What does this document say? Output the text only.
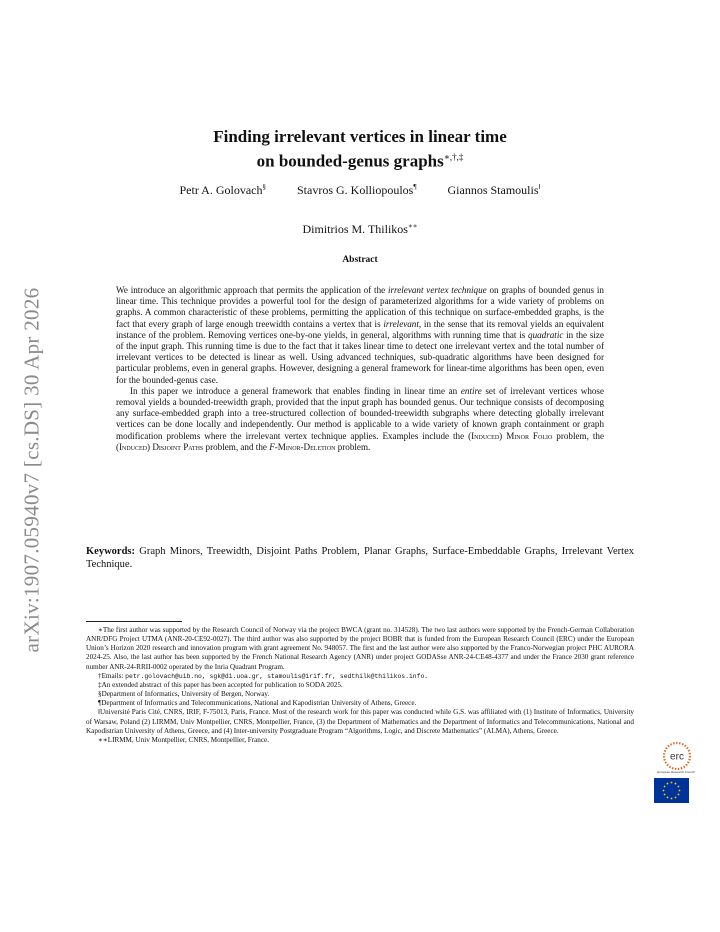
arXiv:1907.05940v7 [cs.DS] 30 Apr 2026
Finding irrelevant vertices in linear time
on bounded-genus graphs∗,†,‡
Petr A. Golovach§	Stavros G. Kolliopoulos¶	Giannos Stamoulis‖
Dimitrios M. Thilikos∗∗
Abstract

We introduce an algorithmic approach that permits the application of the irrelevant vertex technique on graphs of bounded genus in linear time. This technique provides a powerful tool for the design of parameterized algorithms for a wide variety of problems on graphs. A common characteristic of these problems, permitting the application of this technique on surface-embedded graphs, is the fact that every graph of large enough treewidth contains a vertex that is irrelevant, in the sense that its removal yields an equivalent instance of the problem. Removing vertices one-by-one yields, in general, algorithms with running time that is quadratic in the size of the input graph. This running time is due to the fact that it takes linear time to detect one irrelevant vertex and the total number of irrelevant vertices to be detected is linear as well. Using advanced techniques, sub-quadratic algorithms have been designed for particular problems, even in general graphs. However, designing a general framework for linear-time algorithms has been open, even for the bounded-genus case.

In this paper we introduce a general framework that enables finding in linear time an entire set of irrelevant vertices whose removal yields a bounded-treewidth graph, provided that the input graph has bounded genus. Our technique consists of decomposing any surface-embedded graph into a tree-structured collection of bounded-treewidth subgraphs where detecting globally irrelevant vertices can be done locally and independently. Our method is applicable to a wide variety of known graph containment or graph modification problems where the irrelevant vertex technique applies. Examples include the (Induced) Minor Folio problem, the (Induced) Disjoint Paths problem, and the F-Minor-Deletion problem.

Keywords: Graph Minors, Treewidth, Disjoint Paths Problem, Planar Graphs, Surface-Embeddable Graphs, Irrelevant Vertex Technique.

∗The first author was supported by the Research Council of Norway via the project BWCA (grant no. 314528). The two last authors were supported by the French-German Collaboration ANR/DFG Project UTMA (ANR-20-CE92-0027). The third author was also supported by the project BOBR that is funded from the European Research Council (ERC) under the European Union’s Horizon 2020 research and innovation program with grant agreement No. 948057. The first and the last author were also supported by the Franco-Norwegian project PHC AURORA 2024-25. Also, the last author has been supported by the French National Research Agency (ANR) under project GODASse ANR-24-CE48-4377 and under the France 2030 grant reference number ANR-24-RRII-0002 operated by the Inria Quadrant Program.

†Emails: petr.golovach@uib.no, sgk@di.uoa.gr, stamoulis@irif.fr, sedthilk@thilikos.info.

‡An extended abstract of this paper has been accepted for publication to SODA 2025.

§Department of Informatics, University of Bergen, Norway.

¶Department of Informatics and Telecommunications, National and Kapodistrian University of Athens, Greece.

‖Université Paris Cité, CNRS, IRIF, F-75013, Paris, France. Most of the research work for this paper was conducted while G.S. was affiliated with (1) Institute of Informatics, University of Warsaw, Poland (2) LIRMM, Univ Montpellier, CNRS, Montpellier, France, (3) the Department of Mathematics and the Department of Informatics and Telecommunications, National and Kapodistrian University of Athens, Greece, and (4) Inter-university Postgraduate Program “Algorithms, Logic, and Discrete Mathematics” (ALMA), Athens, Greece.

∗∗LIRMM, Univ Montpellier, CNRS, Montpellier, France.

erc
European Research Council
